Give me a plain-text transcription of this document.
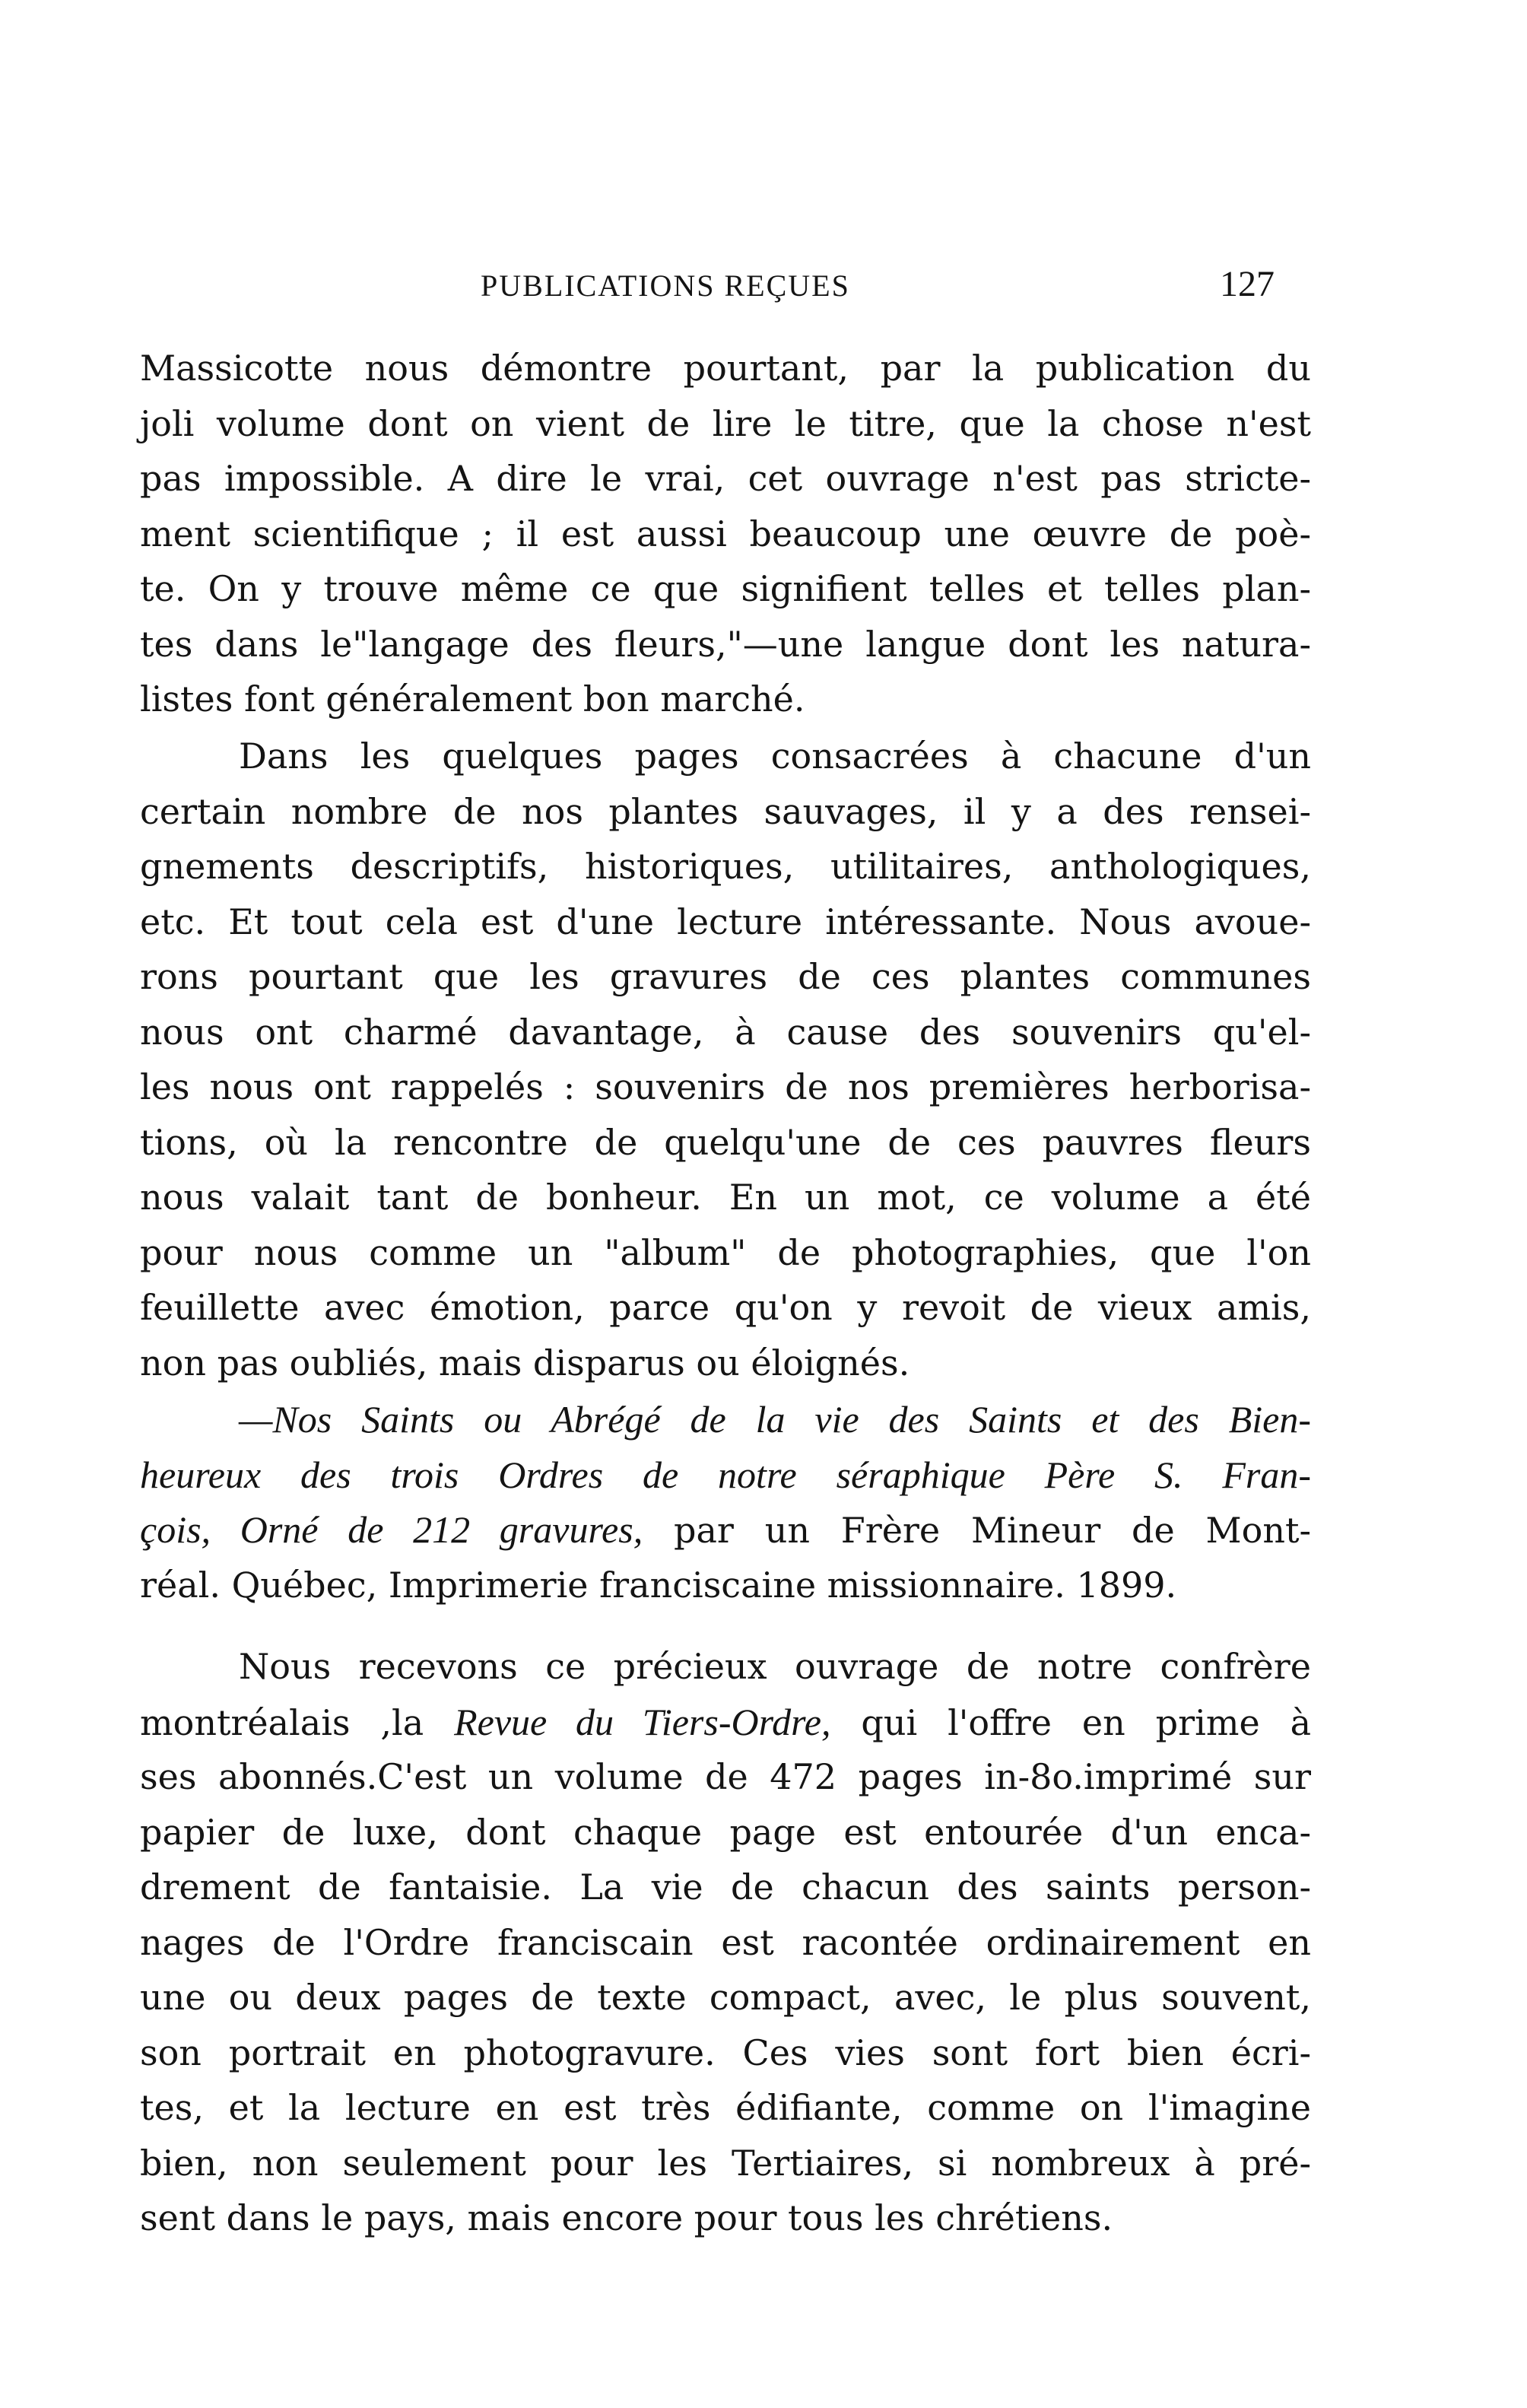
PUBLICATIONS REÇUES	127
Massicotte nous démontre pourtant, par la publication du
joli volume dont on vient de lire le titre, que la chose n'est
pas impossible. A dire le vrai, cet ouvrage n'est pas stricte-
ment scientifique ; il est aussi beaucoup une œuvre de poè-
te. On y trouve même ce que signifient telles et telles plan-
tes dans le"langage des fleurs,"—une langue dont les natura-
listes font généralement bon marché.
Dans les quelques pages consacrées à chacune d'un
certain nombre de nos plantes sauvages, il y a des rensei-
gnements descriptifs, historiques, utilitaires, anthologiques,
etc. Et tout cela est d'une lecture intéressante. Nous avoue-
rons pourtant que les gravures de ces plantes communes
nous ont charmé davantage, à cause des souvenirs qu'el-
les nous ont rappelés : souvenirs de nos premières herborisa-
tions, où la rencontre de quelqu'une de ces pauvres fleurs
nous valait tant de bonheur. En un mot, ce volume a été
pour nous comme un "album" de photographies, que l'on
feuillette avec émotion, parce qu'on y revoit de vieux amis,
non pas oubliés, mais disparus ou éloignés.
—Nos Saints ou Abrégé de la vie des Saints et des Bien-
heureux des trois Ordres de notre séraphique Père S. Fran-
çois, Orné de 212 gravures, par un Frère Mineur de Mont-
réal. Québec, Imprimerie franciscaine missionnaire. 1899.
Nous recevons ce précieux ouvrage de notre confrère
montréalais ,la Revue du Tiers-Ordre, qui l'offre en prime à
ses abonnés.C'est un volume de 472 pages in-8o.imprimé sur
papier de luxe, dont chaque page est entourée d'un enca-
drement de fantaisie. La vie de chacun des saints person-
nages de l'Ordre franciscain est racontée ordinairement en
une ou deux pages de texte compact, avec, le plus souvent,
son portrait en photogravure. Ces vies sont fort bien écri-
tes, et la lecture en est très édifiante, comme on l'imagine
bien, non seulement pour les Tertiaires, si nombreux à pré-
sent dans le pays, mais encore pour tous les chrétiens.
